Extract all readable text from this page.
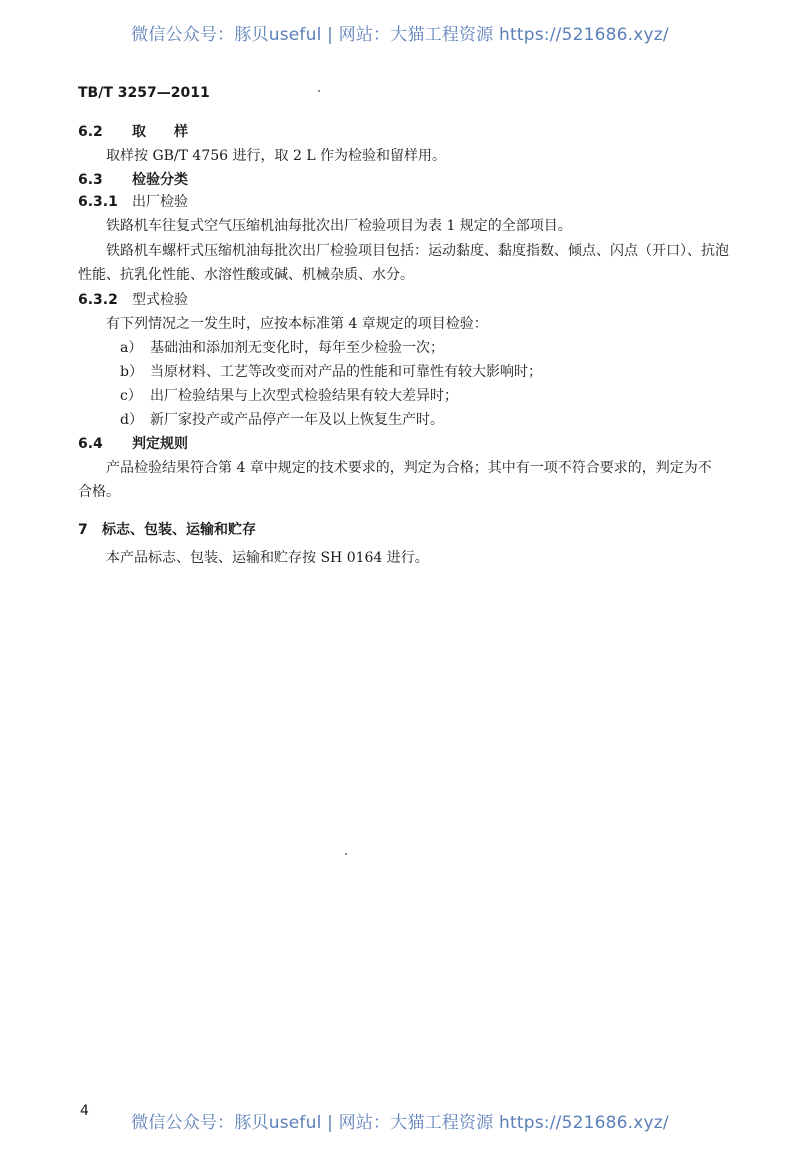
微信公众号：豚贝useful | 网站：大猫工程资源 https://521686.xyz/
TB/T 3257—2011
6.2 取　　样
取样按 GB/T 4756 进行，取 2 L 作为检验和留样用。
6.3 检验分类
6.3.1 出厂检验
铁路机车往复式空气压缩机油每批次出厂检验项目为表 1 规定的全部项目。
铁路机车螺杆式压缩机油每批次出厂检验项目包括：运动黏度、黏度指数、倾点、闪点（开口）、抗泡
性能、抗乳化性能、水溶性酸或碱、机械杂质、水分。
6.3.2 型式检验
有下列情况之一发生时，应按本标准第 4 章规定的项目检验：
a） 基础油和添加剂无变化时，每年至少检验一次；
b） 当原材料、工艺等改变而对产品的性能和可靠性有较大影响时；
c） 出厂检验结果与上次型式检验结果有较大差异时；
d） 新厂家投产或产品停产一年及以上恢复生产时。
6.4 判定规则
产品检验结果符合第 4 章中规定的技术要求的，判定为合格；其中有一项不符合要求的，判定为不
合格。
7 标志、包装、运输和贮存
本产品标志、包装、运输和贮存按 SH 0164 进行。
4
微信公众号：豚贝useful | 网站：大猫工程资源 https://521686.xyz/
